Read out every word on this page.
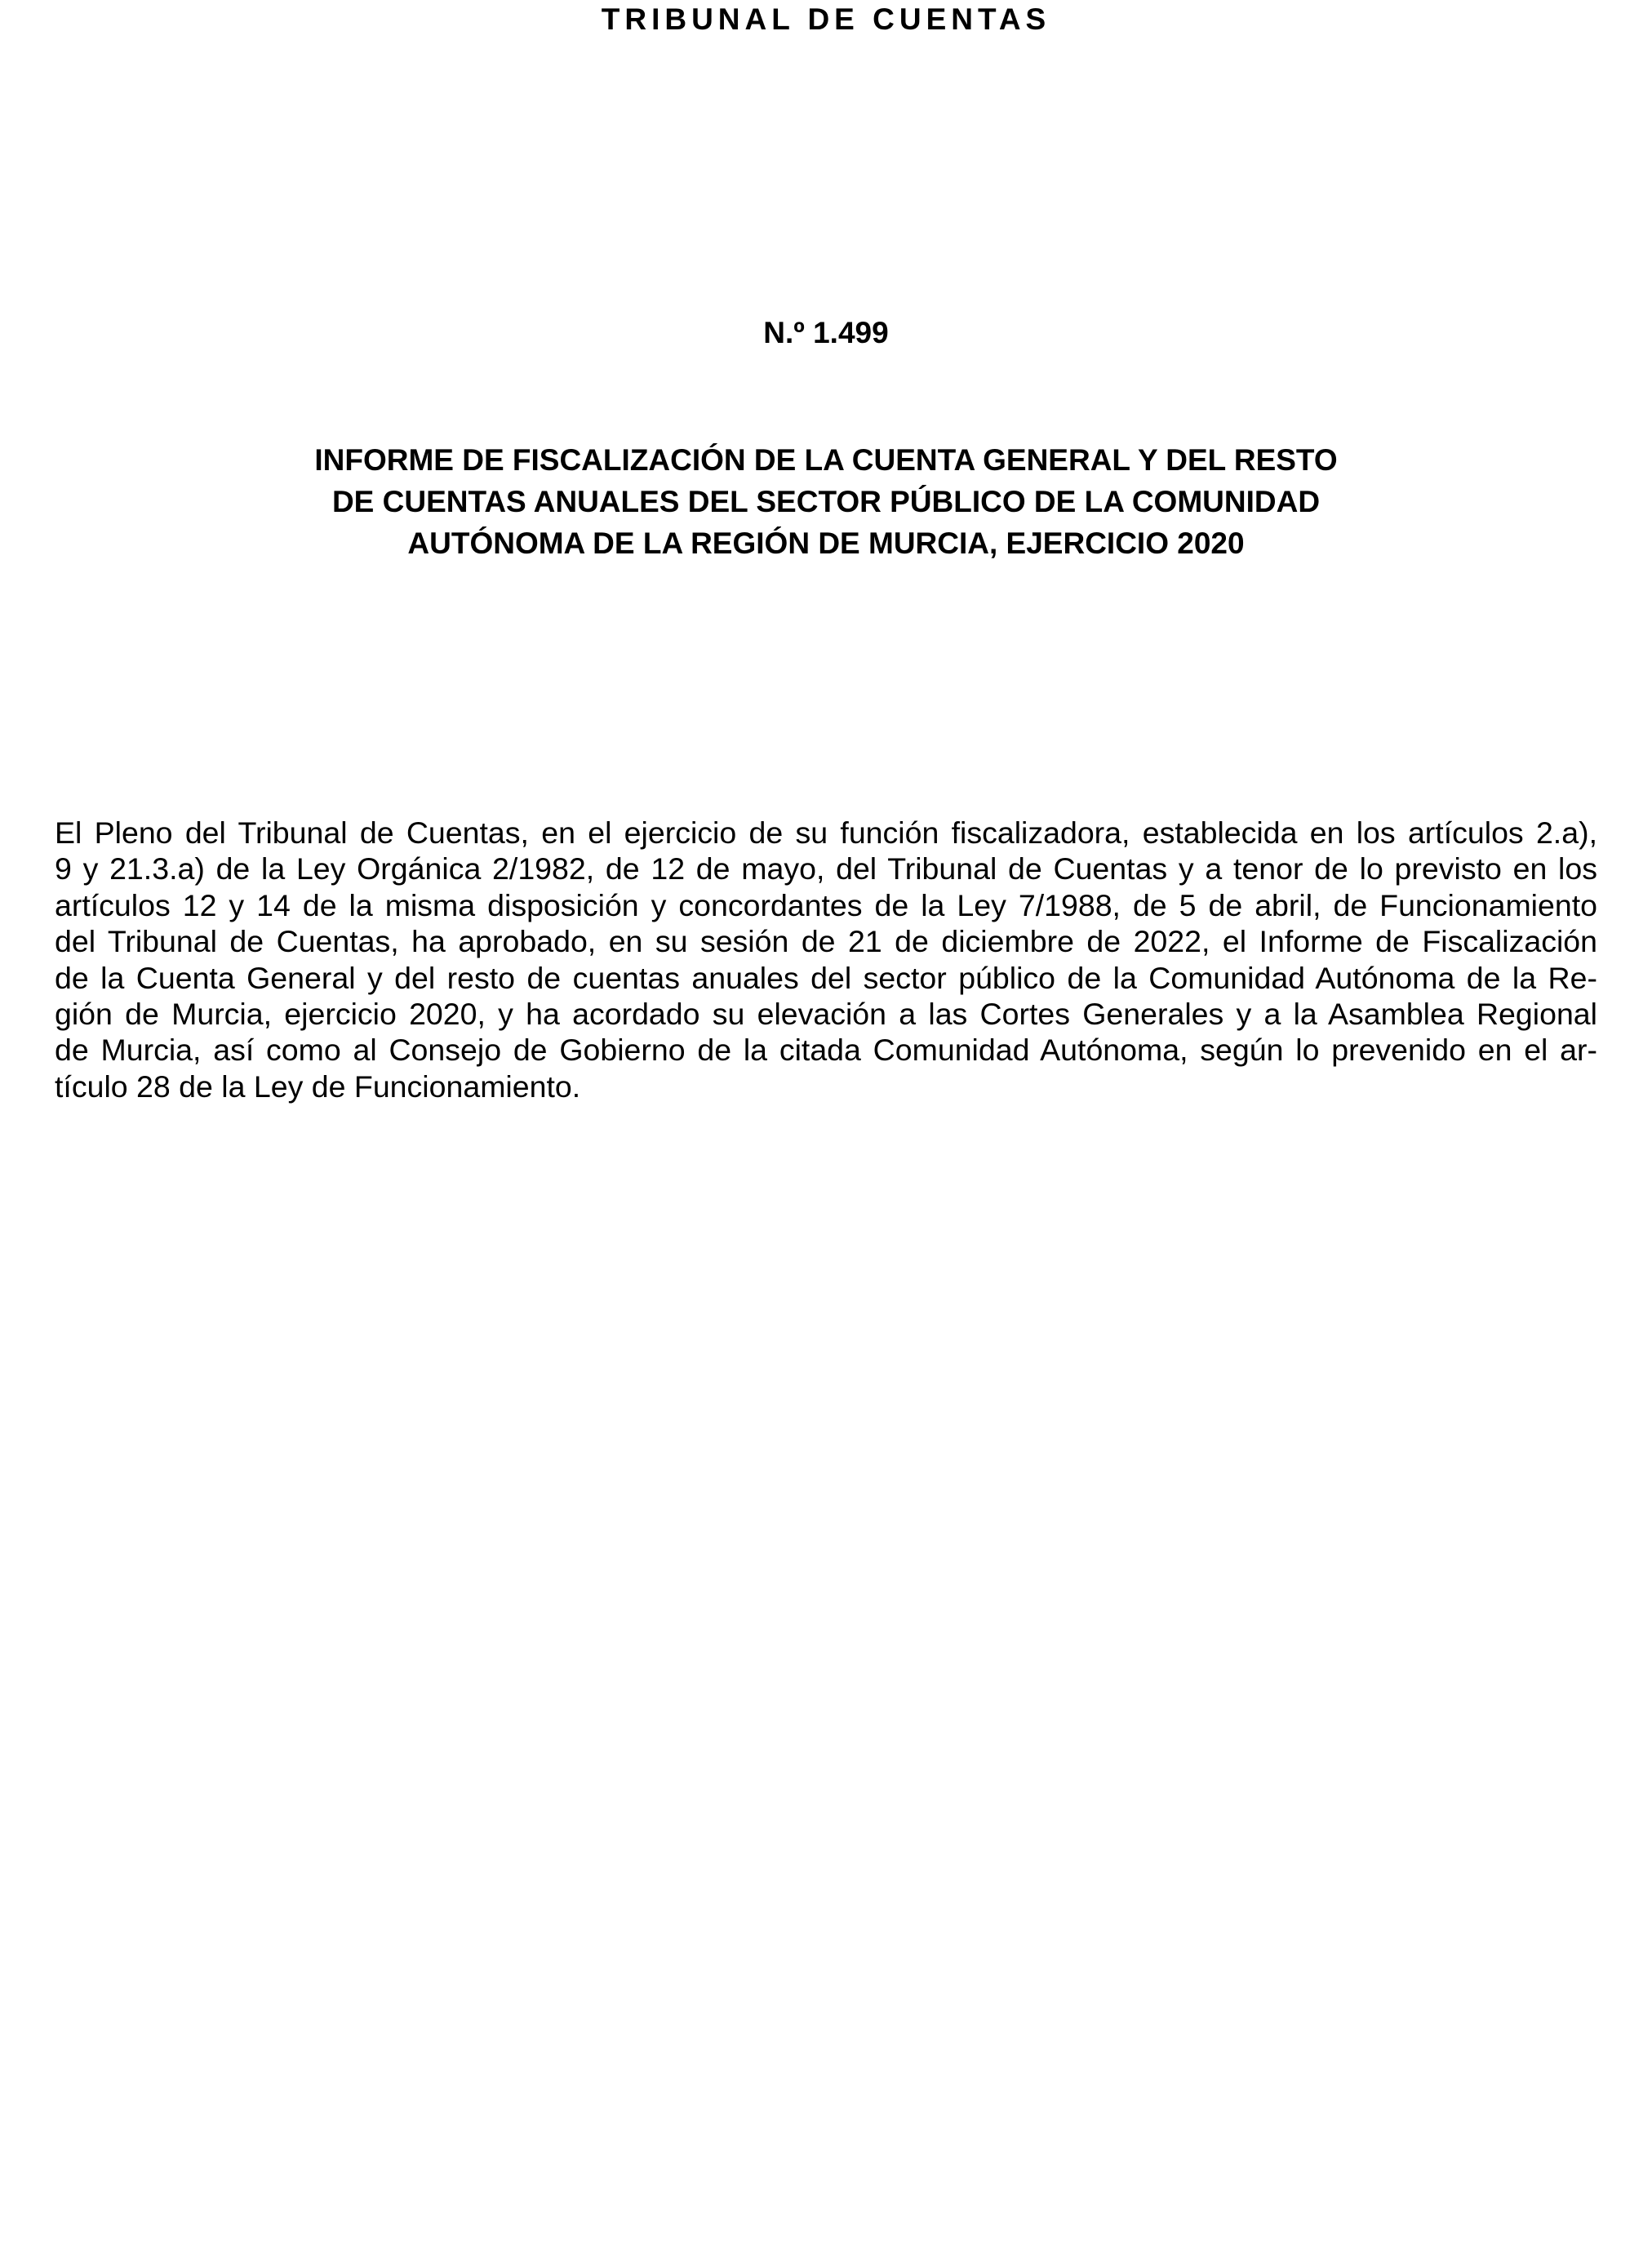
TRIBUNAL DE CUENTAS
N.º 1.499
INFORME DE FISCALIZACIÓN DE LA CUENTA GENERAL Y DEL RESTO
DE CUENTAS ANUALES DEL SECTOR PÚBLICO DE LA COMUNIDAD
AUTÓNOMA DE LA REGIÓN DE MURCIA, EJERCICIO 2020
El Pleno del Tribunal de Cuentas, en el ejercicio de su función fiscalizadora, establecida en los artículos 2.a),
9 y 21.3.a) de la Ley Orgánica 2/1982, de 12 de mayo, del Tribunal de Cuentas y a tenor de lo previsto en los
artículos 12 y 14 de la misma disposición y concordantes de la Ley 7/1988, de 5 de abril, de Funcionamiento
del Tribunal de Cuentas, ha aprobado, en su sesión de 21 de diciembre de 2022, el Informe de Fiscalización
de la Cuenta General y del resto de cuentas anuales del sector público de la Comunidad Autónoma de la Re-
gión de Murcia, ejercicio 2020, y ha acordado su elevación a las Cortes Generales y a la Asamblea Regional
de Murcia, así como al Consejo de Gobierno de la citada Comunidad Autónoma, según lo prevenido en el ar-
tículo 28 de la Ley de Funcionamiento.
